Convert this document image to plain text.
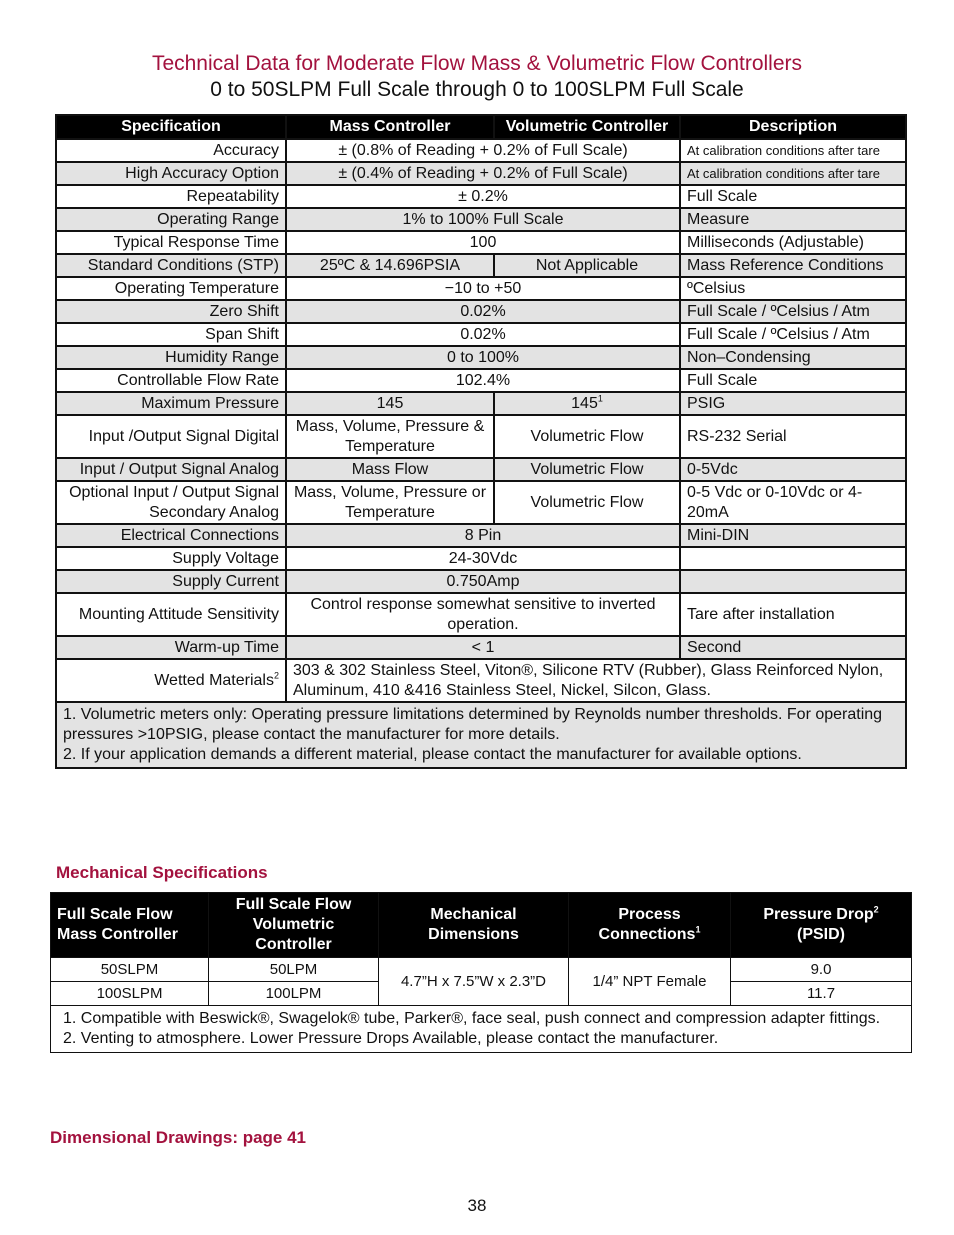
Technical Data for Moderate Flow Mass & Volumetric Flow Controllers
0 to 50SLPM Full Scale through 0 to 100SLPM Full Scale
Specification	Mass Controller	Volumetric Controller	Description
Accuracy	± (0.8% of Reading + 0.2% of Full Scale)		At calibration conditions after tare
High Accuracy Option	± (0.4% of Reading + 0.2% of Full Scale)		At calibration conditions after tare
Repeatability	± 0.2%		Full Scale
Operating Range	1% to 100% Full Scale		Measure
Typical Response Time	100		Milliseconds (Adjustable)
Standard Conditions (STP)	25ºC & 14.696PSIA	Not Applicable	Mass Reference Conditions
Operating Temperature	−10 to +50		ºCelsius
Zero Shift	0.02%		Full Scale / ºCelsius / Atm
Span Shift	0.02%		Full Scale / ºCelsius / Atm
Humidity Range	0 to 100%		Non–Condensing
Controllable Flow Rate	102.4%		Full Scale
Maximum Pressure	145	$145^1$	PSIG
Input /Output Signal Digital	Mass, Volume, Pressure & Temperature	Volumetric Flow	RS-232 Serial
Input / Output Signal Analog	Mass Flow	Volumetric Flow	0-5Vdc
Optional Input / Output Signal Secondary Analog	Mass, Volume, Pressure or Temperature	Volumetric Flow	0-5 Vdc or 0-10Vdc or 4-20mA
Electrical Connections	8 Pin		Mini-DIN
Supply Voltage	24-30Vdc		
Supply Current	0.750Amp		
Mounting Attitude Sensitivity	Control response somewhat sensitive to inverted operation.		Tare after installation
Warm-up Time	< 1		Second
Wetted Materials$^2$	303 & 302 Stainless Steel, Viton®, Silicone RTV (Rubber), Glass Reinforced Nylon, Aluminum, 410 &416 Stainless Steel, Nickel, Silcon, Glass.		

1. Volumetric meters only: Operating pressure limitations determined by Reynolds number thresholds. For operating pressures >10PSIG, please contact the manufacturer for more details.
2. If your application demands a different material, please contact the manufacturer for available options.			
Mechanical Specifications
Full Scale Flow Mass Controller	Full Scale Flow Volumetric Controller	Mechanical Dimensions	Process Connections$^1$	Pressure Drop$^2$
(PSID)
50SLPM	50LPM	4.7”H x 7.5”W x 2.3”D	1/4” NPT Female	9.0
100SLPM	100LPM			11.7

1. Compatible with Beswick®, Swagelok® tube, Parker®, face seal, push connect and compression adapter fittings.
2. Venting to atmosphere. Lower Pressure Drops Available, please contact the manufacturer.				
Dimensional Drawings: page 41
38
